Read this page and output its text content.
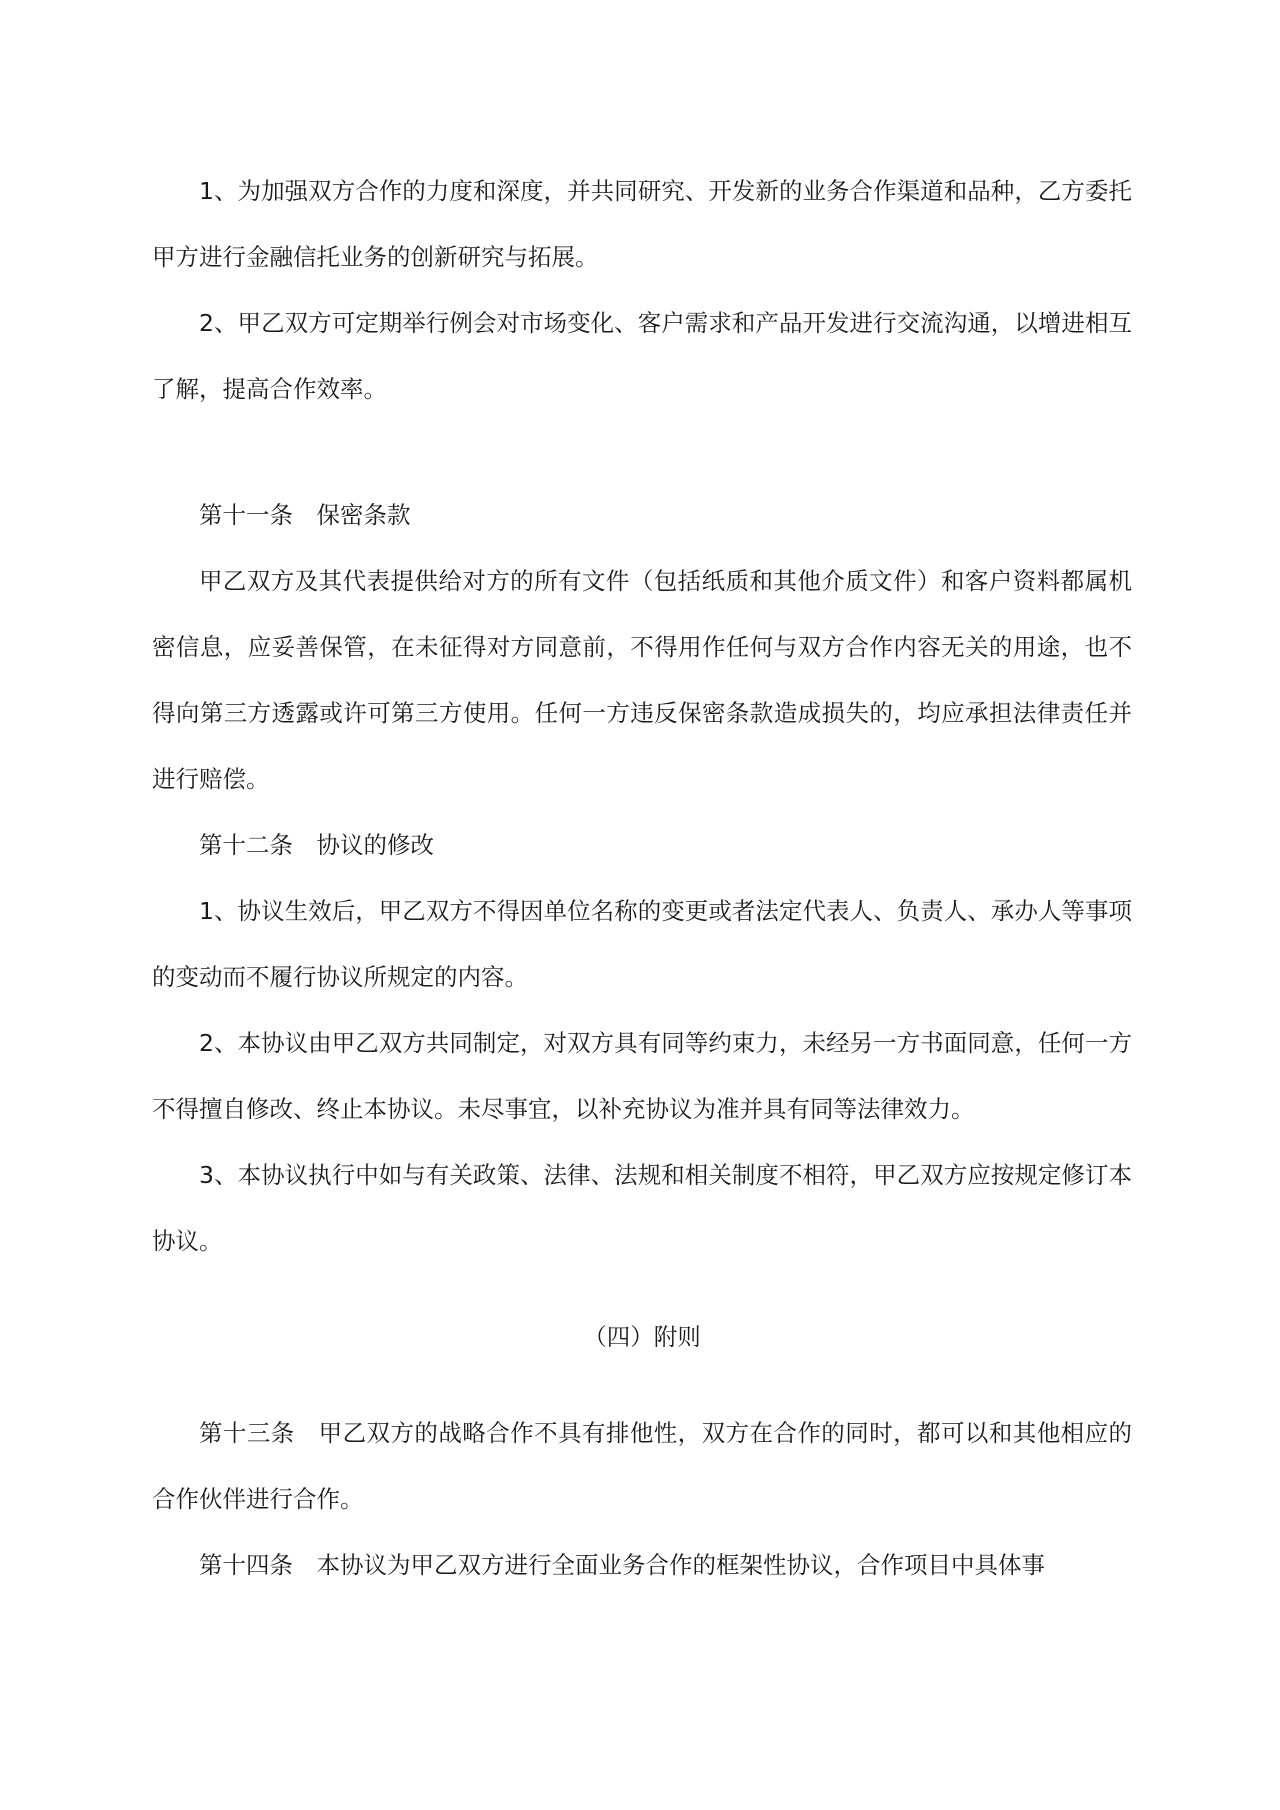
1、为加强双方合作的力度和深度，并共同研究、开发新的业务合作渠道和品种，乙方委托甲方进行金融信托业务的创新研究与拓展。

2、甲乙双方可定期举行例会对市场变化、客户需求和产品开发进行交流沟通，以增进相互了解，提高合作效率。

第十一条　保密条款

甲乙双方及其代表提供给对方的所有文件（包括纸质和其他介质文件）和客户资料都属机密信息，应妥善保管，在未征得对方同意前，不得用作任何与双方合作内容无关的用途，也不得向第三方透露或许可第三方使用。任何一方违反保密条款造成损失的，均应承担法律责任并进行赔偿。

第十二条　协议的修改

1、协议生效后，甲乙双方不得因单位名称的变更或者法定代表人、负责人、承办人等事项的变动而不履行协议所规定的内容。

2、本协议由甲乙双方共同制定，对双方具有同等约束力，未经另一方书面同意，任何一方不得擅自修改、终止本协议。未尽事宜，以补充协议为准并具有同等法律效力。

3、本协议执行中如与有关政策、法律、法规和相关制度不相符，甲乙双方应按规定修订本协议。

（四）附则

第十三条　甲乙双方的战略合作不具有排他性，双方在合作的同时，都可以和其他相应的合作伙伴进行合作。

第十四条　本协议为甲乙双方进行全面业务合作的框架性协议，合作项目中具体事
